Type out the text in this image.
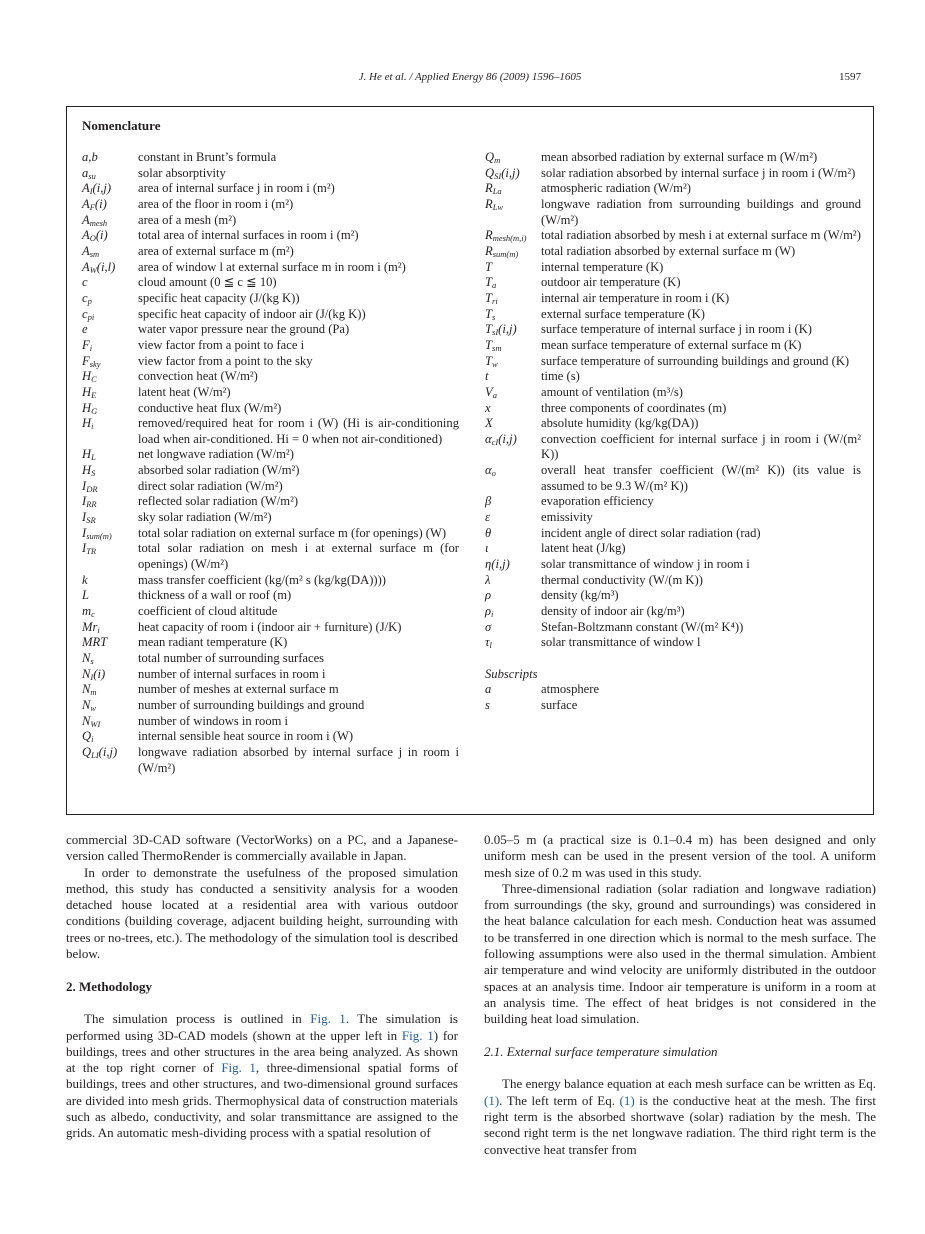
J. He et al. / Applied Energy 86 (2009) 1596–1605	1597
Nomenclature
a,b	constant in Brunt’s formula
$a_{su}$	solar absorptivity
$A_I(i,j)$	area of internal surface j in room i (m²)
$A_F(i)$	area of the floor in room i (m²)
$A_{mesh}$	area of a mesh (m²)
$A_O(i)$	total area of internal surfaces in room i (m²)
$A_{sm}$	area of external surface m (m²)
$A_W(i,l)$	area of window l at external surface m in room i (m²)
c	cloud amount (0 ≦ c ≦ 10)
$c_p$	specific heat capacity (J/(kg K))
$c_{pi}$	specific heat capacity of indoor air (J/(kg K))
e	water vapor pressure near the ground (Pa)
$F_i$	view factor from a point to face i
$F_{sky}$	view factor from a point to the sky
$H_C$	convection heat (W/m²)
$H_E$	latent heat (W/m²)
$H_G$	conductive heat flux (W/m²)
$H_i$	removed/required heat for room i (W) (Hi is air-conditioning load when air-conditioned. Hi = 0 when not air-conditioned)
$H_L$	net longwave radiation (W/m²)
$H_S$	absorbed solar radiation (W/m²)
$I_{DR}$	direct solar radiation (W/m²)
$I_{RR}$	reflected solar radiation (W/m²)
$I_{SR}$	sky solar radiation (W/m²)
$I_{sum(m)}$	total solar radiation on external surface m (for openings) (W)
$I_{TR}$	total solar radiation on mesh i at external surface m (for openings) (W/m²)
k	mass transfer coefficient (kg/(m² s (kg/kg(DA))))
L	thickness of a wall or roof (m)
$m_c$	coefficient of cloud altitude
$Mr_i$	heat capacity of room i (indoor air + furniture) (J/K)
MRT	mean radiant temperature (K)
$N_s$	total number of surrounding surfaces
$N_I(i)$	number of internal surfaces in room i
$N_m$	number of meshes at external surface m
$N_w$	number of surrounding buildings and ground
$N_{WI}$	number of windows in room i
$Q_i$	internal sensible heat source in room i (W)
$Q_{LI}(i,j)$	longwave radiation absorbed by internal surface j in room i (W/m²)
$Q_m$	mean absorbed radiation by external surface m (W/m²)
$Q_{SI}(i,j)$	solar radiation absorbed by internal surface j in room i (W/m²)
$R_{La}$	atmospheric radiation (W/m²)
$R_{Lw}$	longwave radiation from surrounding buildings and ground (W/m²)
$R_{mesh(m,i)}$	total radiation absorbed by mesh i at external surface m (W/m²)
$R_{sum(m)}$	total radiation absorbed by external surface m (W)
T	internal temperature (K)
$T_a$	outdoor air temperature (K)
$T_{ri}$	internal air temperature in room i (K)
$T_s$	external surface temperature (K)
$T_{sI}(i,j)$	surface temperature of internal surface j in room i (K)
$T_{sm}$	mean surface temperature of external surface m (K)
$T_w$	surface temperature of surrounding buildings and ground (K)
t	time (s)
$V_a$	amount of ventilation (m³/s)
x	three components of coordinates (m)
X	absolute humidity (kg/kg(DA))
$\alpha_{cI}(i,j)$	convection coefficient for internal surface j in room i (W/(m² K))
$\alpha_o$	overall heat transfer coefficient (W/(m² K)) (its value is assumed to be 9.3 W/(m² K))
β	evaporation efficiency
ε	emissivity
θ	incident angle of direct solar radiation (rad)
ι	latent heat (J/kg)
η(i,j)	solar transmittance of window j in room i
λ	thermal conductivity (W/(m K))
ρ	density (kg/m³)
$\rho_i$	density of indoor air (kg/m³)
σ	Stefan-Boltzmann constant (W/(m² K⁴))
$\tau_l$	solar transmittance of window l
Subscripts
a	atmosphere
s	surface

commercial 3D-CAD software (VectorWorks) on a PC, and a Japanese-version called ThermoRender is commercially available in Japan.

In order to demonstrate the usefulness of the proposed simulation method, this study has conducted a sensitivity analysis for a wooden detached house located at a residential area with various outdoor conditions (building coverage, adjacent building height, surrounding with trees or no-trees, etc.). The methodology of the simulation tool is described below.

2. Methodology

The simulation process is outlined in Fig. 1. The simulation is performed using 3D-CAD models (shown at the upper left in Fig. 1) for buildings, trees and other structures in the area being analyzed. As shown at the top right corner of Fig. 1, three-dimensional spatial forms of buildings, trees and other structures, and two-dimensional ground surfaces are divided into mesh grids. Thermophysical data of construction materials such as albedo, conductivity, and solar transmittance are assigned to the grids. An automatic mesh-dividing process with a spatial resolution of

0.05–5 m (a practical size is 0.1–0.4 m) has been designed and only uniform mesh can be used in the present version of the tool. A uniform mesh size of 0.2 m was used in this study.

Three-dimensional radiation (solar radiation and longwave radiation) from surroundings (the sky, ground and surroundings) was considered in the heat balance calculation for each mesh. Conduction heat was assumed to be transferred in one direction which is normal to the mesh surface. The following assumptions were also used in the thermal simulation. Ambient air temperature and wind velocity are uniformly distributed in the outdoor spaces at an analysis time. Indoor air temperature is uniform in a room at an analysis time. The effect of heat bridges is not considered in the building heat load simulation.

2.1. External surface temperature simulation

The energy balance equation at each mesh surface can be written as Eq. (1). The left term of Eq. (1) is the conductive heat at the mesh. The first right term is the absorbed shortwave (solar) radiation by the mesh. The second right term is the net longwave radiation. The third right term is the convective heat transfer from
